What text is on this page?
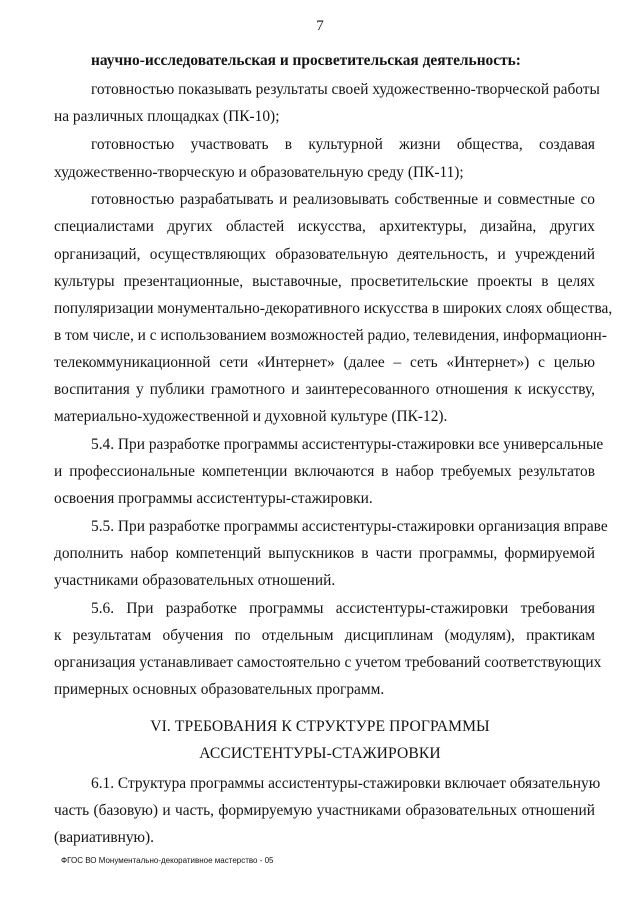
7
научно-исследовательская и просветительская деятельность:
готовностью показывать результаты своей художественно-творческой работы
на различных площадках (ПК-10);
готовностью участвовать в культурной жизни общества, создавая
художественно-творческую и образовательную среду (ПК-11);
готовностью разрабатывать и реализовывать собственные и совместные со
специалистами других областей искусства, архитектуры, дизайна, других
организаций, осуществляющих образовательную деятельность, и учреждений
культуры презентационные, выставочные, просветительские проекты в целях
популяризации монументально-декоративного искусства в широких слоях общества,
в том числе, и с использованием возможностей радио, телевидения, информационн-
телекоммуникационной сети «Интернет» (далее – сеть «Интернет») с целью
воспитания у публики грамотного и заинтересованного отношения к искусству,
материально-художественной и духовной культуре (ПК-12).
5.4. При разработке программы ассистентуры-стажировки все универсальные
и профессиональные компетенции включаются в набор требуемых результатов
освоения программы ассистентуры-стажировки.
5.5. При разработке программы ассистентуры-стажировки организация вправе
дополнить набор компетенций выпускников в части программы, формируемой
участниками образовательных отношений.
5.6. При разработке программы ассистентуры-стажировки требования
к результатам обучения по отдельным дисциплинам (модулям), практикам
организация устанавливает самостоятельно с учетом требований соответствующих
примерных основных образовательных программ.
VI. ТРЕБОВАНИЯ К СТРУКТУРЕ ПРОГРАММЫ
АССИСТЕНТУРЫ-СТАЖИРОВКИ
6.1. Структура программы ассистентуры-стажировки включает обязательную
часть (базовую) и часть, формируемую участниками образовательных отношений
(вариативную).
ФГОС ВО Монументально-декоративное мастерство - 05
